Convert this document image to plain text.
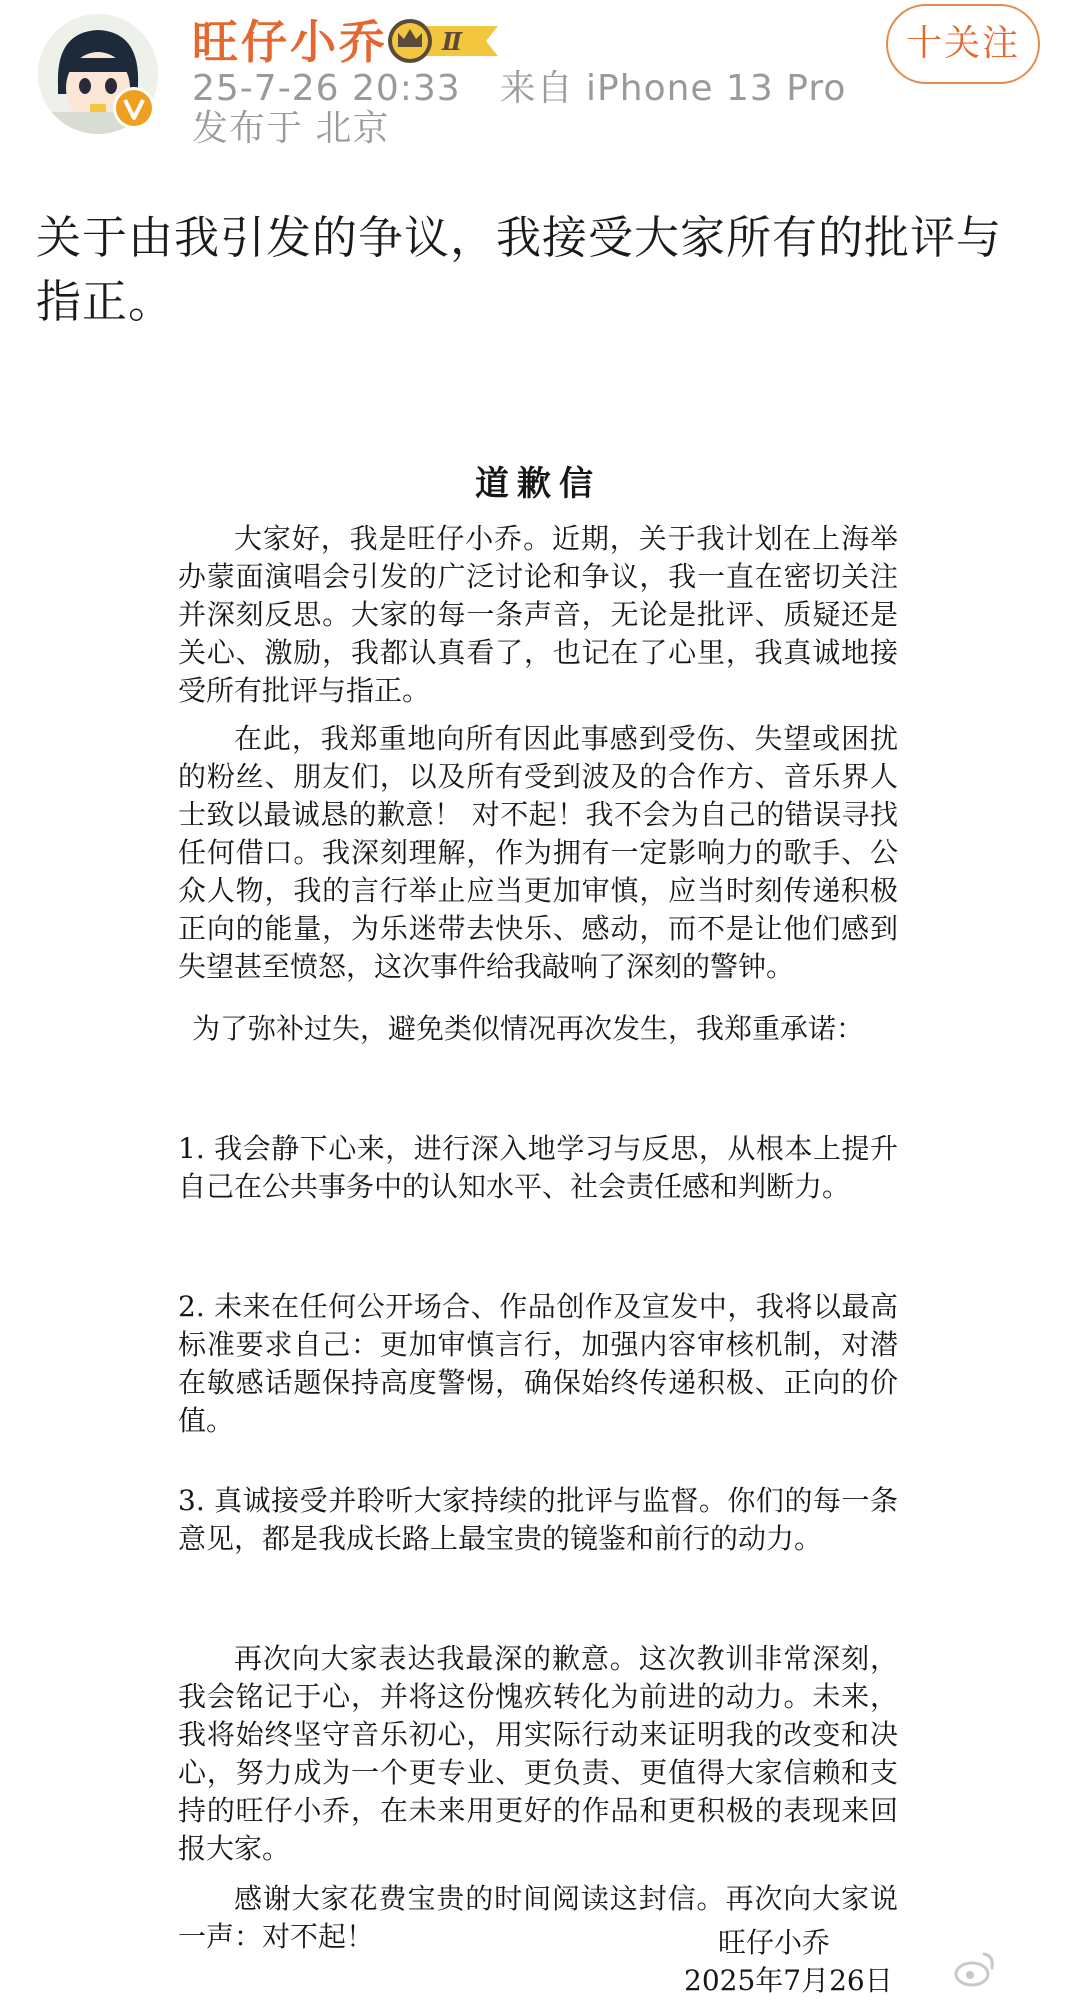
旺仔小乔 Ⅱ
25-7-26 20:33 来自 iPhone 13 Pro
发布于 北京
十关注
关于由我引发的争议，我接受大家所有的批评与指正。
道歉信

大家好，我是旺仔小乔。近期，关于我计划在上海举办蒙面演唱会引发的广泛讨论和争议，我一直在密切关注并深刻反思。大家的每一条声音，无论是批评、质疑还是关心、激励，我都认真看了，也记在了心里，我真诚地接受所有批评与指正。

在此，我郑重地向所有因此事感到受伤、失望或困扰的粉丝、朋友们，以及所有受到波及的合作方、音乐界人士致以最诚恳的歉意！ 对不起！我不会为自己的错误寻找任何借口。我深刻理解，作为拥有一定影响力的歌手、公众人物，我的言行举止应当更加审慎，应当时刻传递积极正向的能量，为乐迷带去快乐、感动，而不是让他们感到失望甚至愤怒，这次事件给我敲响了深刻的警钟。

为了弥补过失，避免类似情况再次发生，我郑重承诺：

1. 我会静下心来，进行深入地学习与反思，从根本上提升自己在公共事务中的认知水平、社会责任感和判断力。

2. 未来在任何公开场合、作品创作及宣发中，我将以最高标准要求自己：更加审慎言行，加强内容审核机制，对潜在敏感话题保持高度警惕，确保始终传递积极、正向的价值。

3. 真诚接受并聆听大家持续的批评与监督。你们的每一条意见，都是我成长路上最宝贵的镜鉴和前行的动力。

再次向大家表达我最深的歉意。这次教训非常深刻，我会铭记于心，并将这份愧疚转化为前进的动力。未来，我将始终坚守音乐初心，用实际行动来证明我的改变和决心，努力成为一个更专业、更负责、更值得大家信赖和支持的旺仔小乔，在未来用更好的作品和更积极的表现来回报大家。

感谢大家花费宝贵的时间阅读这封信。再次向大家说一声：对不起！	旺仔小乔
2025年7月26日
